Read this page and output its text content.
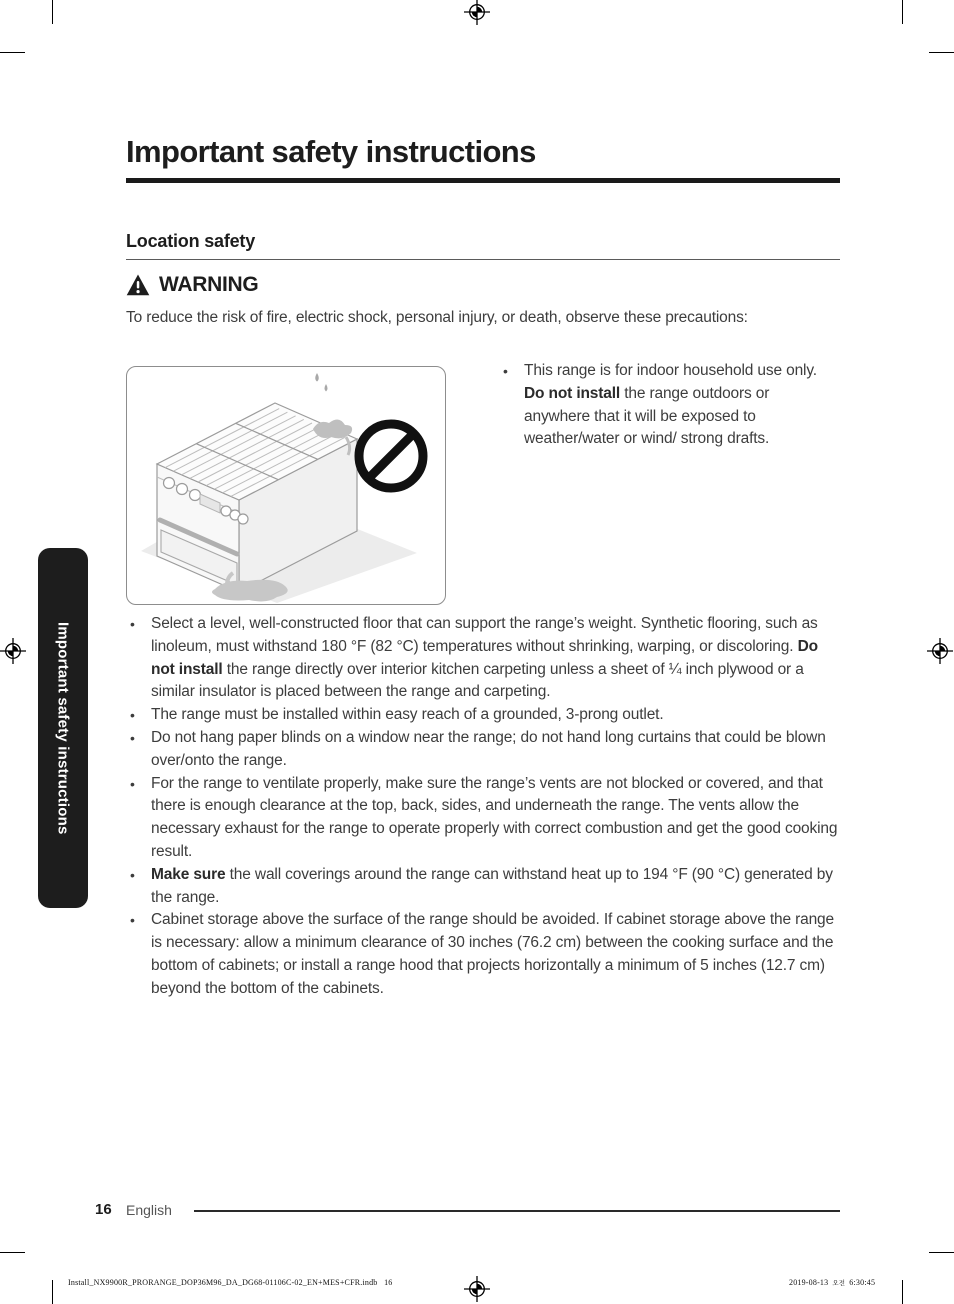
Important safety instructions
Location safety
WARNING
To reduce the risk of fire, electric shock, personal injury, or death, observe these precautions:
• This range is for indoor household use only. Do not install the range outdoors or anywhere that it will be exposed to weather/water or wind/ strong drafts.
• Select a level, well-constructed floor that can support the range’s weight. Synthetic flooring, such as linoleum, must withstand 180 °F (82 °C) temperatures without shrinking, warping, or discoloring. Do not install the range directly over interior kitchen carpeting unless a sheet of ¼ inch plywood or a similar insulator is placed between the range and carpeting.
• The range must be installed within easy reach of a grounded, 3-prong outlet.
• Do not hang paper blinds on a window near the range; do not hand long curtains that could be blown over/onto the range.
• For the range to ventilate properly, make sure the range’s vents are not blocked or covered, and that there is enough clearance at the top, back, sides, and underneath the range. The vents allow the necessary exhaust for the range to operate properly with correct combustion and get the good cooking result.
• Make sure the wall coverings around the range can withstand heat up to 194 °F (90 °C) generated by the range.
• Cabinet storage above the surface of the range should be avoided. If cabinet storage above the range is necessary: allow a minimum clearance of 30 inches (76.2 cm) between the cooking surface and the bottom of cabinets; or install a range hood that projects horizontally a minimum of 5 inches (12.7 cm) beyond the bottom of the cabinets.
Important safety instructions
16 English
Install_NX9900R_PRORANGE_DOP36M96_DA_DG68-01106C-02_EN+MES+CFR.indb 16	2019-08-13 오전 6:30:45
